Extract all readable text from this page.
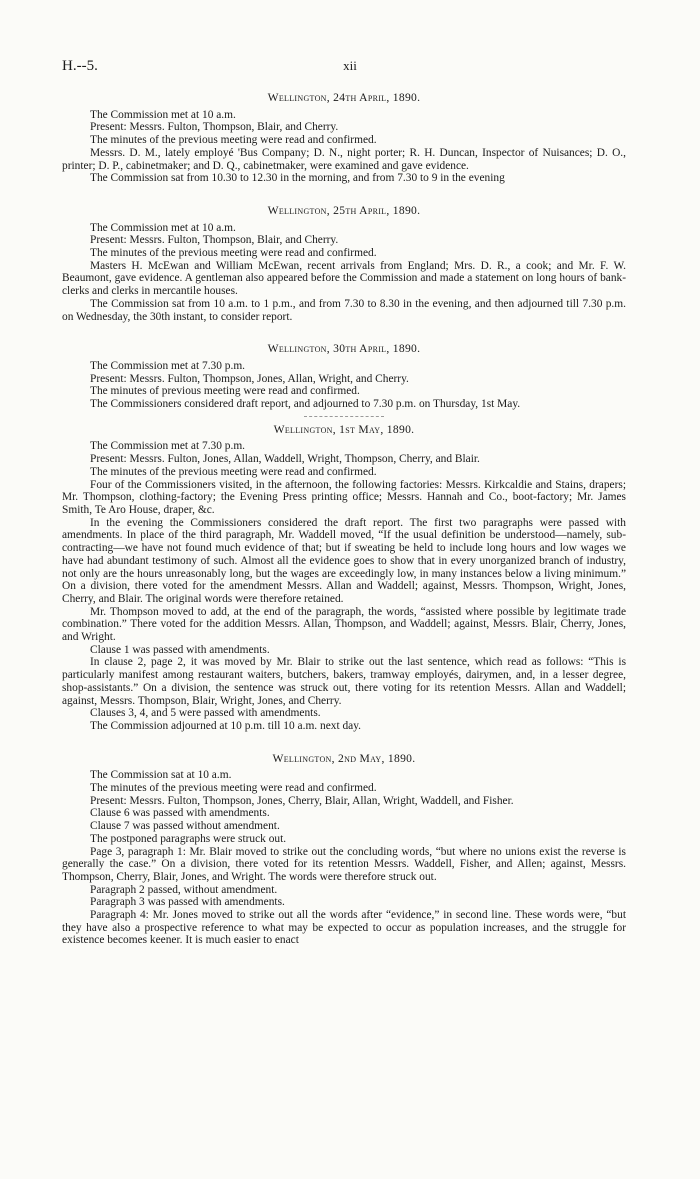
H.--5.	xii

Wellington, 24th April, 1890.

The Commission met at 10 a.m.

Present: Messrs. Fulton, Thompson, Blair, and Cherry.

The minutes of the previous meeting were read and confirmed.

Messrs. D. M., lately employé 'Bus Company; D. N., night porter; R. H. Duncan, Inspector of Nuisances; D. O., printer; D. P., cabinetmaker; and D. Q., cabinetmaker, were examined and gave evidence.

The Commission sat from 10.30 to 12.30 in the morning, and from 7.30 to 9 in the evening

Wellington, 25th April, 1890.

The Commission met at 10 a.m.

Present: Messrs. Fulton, Thompson, Blair, and Cherry.

The minutes of the previous meeting were read and confirmed.

Masters H. McEwan and William McEwan, recent arrivals from England; Mrs. D. R., a cook; and Mr. F. W. Beaumont, gave evidence. A gentleman also appeared before the Commission and made a statement on long hours of bank-clerks and clerks in mercantile houses.

The Commission sat from 10 a.m. to 1 p.m., and from 7.30 to 8.30 in the evening, and then adjourned till 7.30 p.m. on Wednesday, the 30th instant, to consider report.

Wellington, 30th April, 1890.

The Commission met at 7.30 p.m.

Present: Messrs. Fulton, Thompson, Jones, Allan, Wright, and Cherry.

The minutes of previous meeting were read and confirmed.

The Commissioners considered draft report, and adjourned to 7.30 p.m. on Thursday, 1st May.

Wellington, 1st May, 1890.

The Commission met at 7.30 p.m.

Present: Messrs. Fulton, Jones, Allan, Waddell, Wright, Thompson, Cherry, and Blair.

The minutes of the previous meeting were read and confirmed.

Four of the Commissioners visited, in the afternoon, the following factories: Messrs. Kirkcaldie and Stains, drapers; Mr. Thompson, clothing-factory; the Evening Press printing office; Messrs. Hannah and Co., boot-factory; Mr. James Smith, Te Aro House, draper, &c.

In the evening the Commissioners considered the draft report. The first two paragraphs were passed with amendments. In place of the third paragraph, Mr. Waddell moved, “If the usual definition be understood—namely, sub-contracting—we have not found much evidence of that; but if sweating be held to include long hours and low wages we have had abundant testimony of such. Almost all the evidence goes to show that in every unorganized branch of industry, not only are the hours unreasonably long, but the wages are exceedingly low, in many instances below a living minimum.” On a division, there voted for the amendment Messrs. Allan and Waddell; against, Messrs. Thompson, Wright, Jones, Cherry, and Blair. The original words were therefore retained.

Mr. Thompson moved to add, at the end of the paragraph, the words, “assisted where possible by legitimate trade combination.” There voted for the addition Messrs. Allan, Thompson, and Waddell; against, Messrs. Blair, Cherry, Jones, and Wright.

Clause 1 was passed with amendments.

In clause 2, page 2, it was moved by Mr. Blair to strike out the last sentence, which read as follows: “This is particularly manifest among restaurant waiters, butchers, bakers, tramway employés, dairymen, and, in a lesser degree, shop-assistants.” On a division, the sentence was struck out, there voting for its retention Messrs. Allan and Waddell; against, Messrs. Thompson, Blair, Wright, Jones, and Cherry.

Clauses 3, 4, and 5 were passed with amendments.

The Commission adjourned at 10 p.m. till 10 a.m. next day.

Wellington, 2nd May, 1890.

The Commission sat at 10 a.m.

The minutes of the previous meeting were read and confirmed.

Present: Messrs. Fulton, Thompson, Jones, Cherry, Blair, Allan, Wright, Waddell, and Fisher.

Clause 6 was passed with amendments.

Clause 7 was passed without amendment.

The postponed paragraphs were struck out.

Page 3, paragraph 1: Mr. Blair moved to strike out the concluding words, “but where no unions exist the reverse is generally the case.” On a division, there voted for its retention Messrs. Waddell, Fisher, and Allen; against, Messrs. Thompson, Cherry, Blair, Jones, and Wright. The words were therefore struck out.

Paragraph 2 passed, without amendment.

Paragraph 3 was passed with amendments.

Paragraph 4: Mr. Jones moved to strike out all the words after “evidence,” in second line. These words were, “but they have also a prospective reference to what may be expected to occur as population increases, and the struggle for existence becomes keener. It is much easier to enact
